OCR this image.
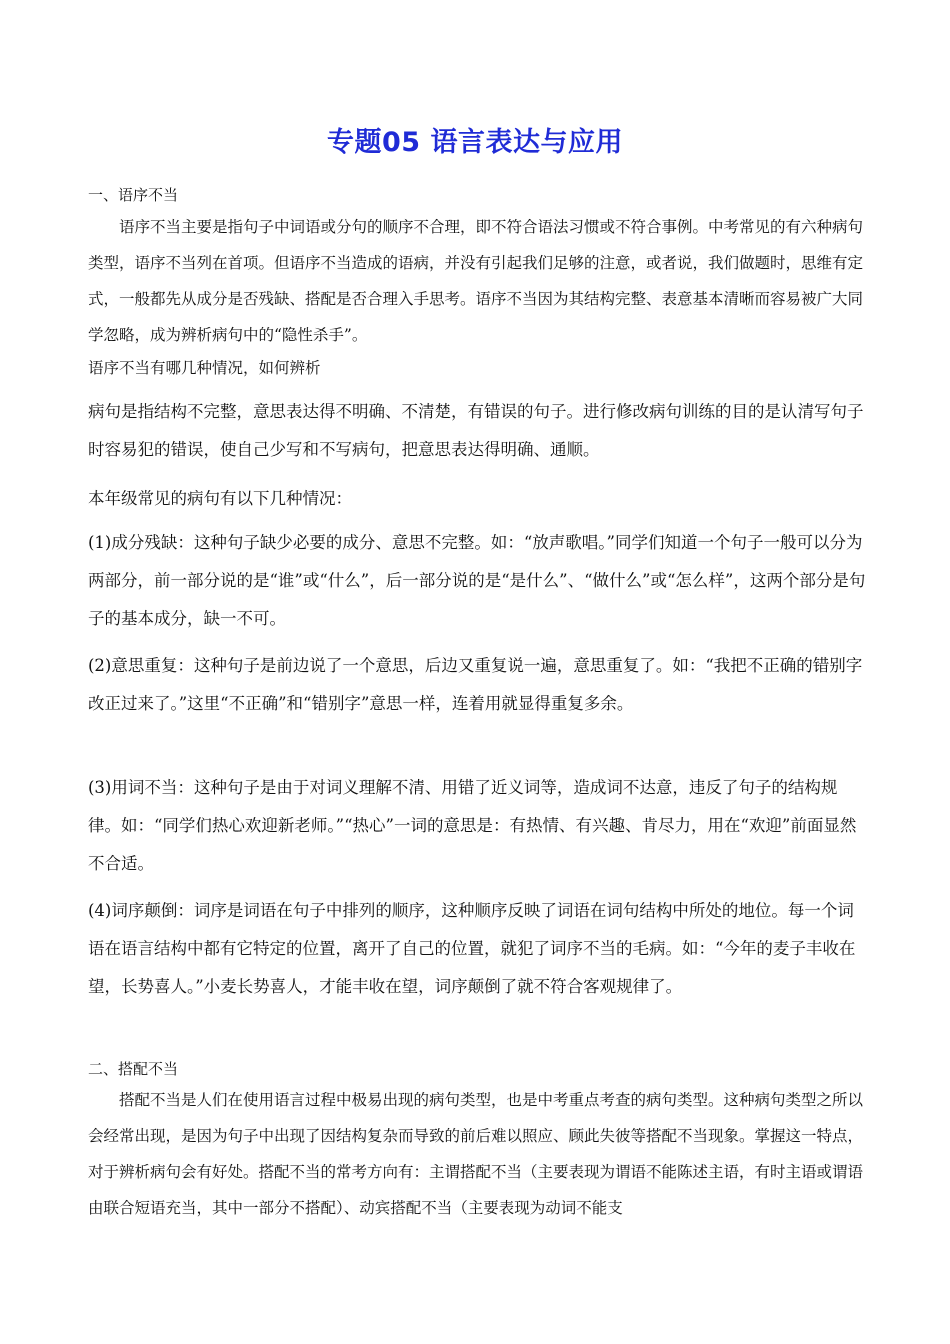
专题05 语言表达与应用
一、语序不当
语序不当主要是指句子中词语或分句的顺序不合理，即不符合语法习惯或不符合事例。中考常见的有六种病句类型，语序不当列在首项。但语序不当造成的语病，并没有引起我们足够的注意，或者说，我们做题时，思维有定式，一般都先从成分是否残缺、搭配是否合理入手思考。语序不当因为其结构完整、表意基本清晰而容易被广大同学忽略，成为辨析病句中的“隐性杀手”。
语序不当有哪几种情况，如何辨析
病句是指结构不完整，意思表达得不明确、不清楚，有错误的句子。进行修改病句训练的目的是认清写句子时容易犯的错误，使自己少写和不写病句，把意思表达得明确、通顺。
本年级常见的病句有以下几种情况：
(1)成分残缺：这种句子缺少必要的成分、意思不完整。如：“放声歌唱。”同学们知道一个句子一般可以分为两部分，前一部分说的是“谁”或“什么”，后一部分说的是“是什么”、“做什么”或“怎么样”，这两个部分是句子的基本成分，缺一不可。
(2)意思重复：这种句子是前边说了一个意思，后边又重复说一遍，意思重复了。如：“我把不正确的错别字改正过来了。”这里“不正确”和“错别字”意思一样，连着用就显得重复多余。
(3)用词不当：这种句子是由于对词义理解不清、用错了近义词等，造成词不达意，违反了句子的结构规律。如：“同学们热心欢迎新老师。”“热心”一词的意思是：有热情、有兴趣、肯尽力，用在“欢迎”前面显然不合适。
(4)词序颠倒：词序是词语在句子中排列的顺序，这种顺序反映了词语在词句结构中所处的地位。每一个词语在语言结构中都有它特定的位置，离开了自己的位置，就犯了词序不当的毛病。如：“今年的麦子丰收在望，长势喜人。”小麦长势喜人，才能丰收在望，词序颠倒了就不符合客观规律了。
二、搭配不当
搭配不当是人们在使用语言过程中极易出现的病句类型，也是中考重点考查的病句类型。这种病句类型之所以会经常出现，是因为句子中出现了因结构复杂而导致的前后难以照应、顾此失彼等搭配不当现象。掌握这一特点，对于辨析病句会有好处。搭配不当的常考方向有：主谓搭配不当（主要表现为谓语不能陈述主语，有时主语或谓语由联合短语充当，其中一部分不搭配）、动宾搭配不当（主要表现为动词不能支
